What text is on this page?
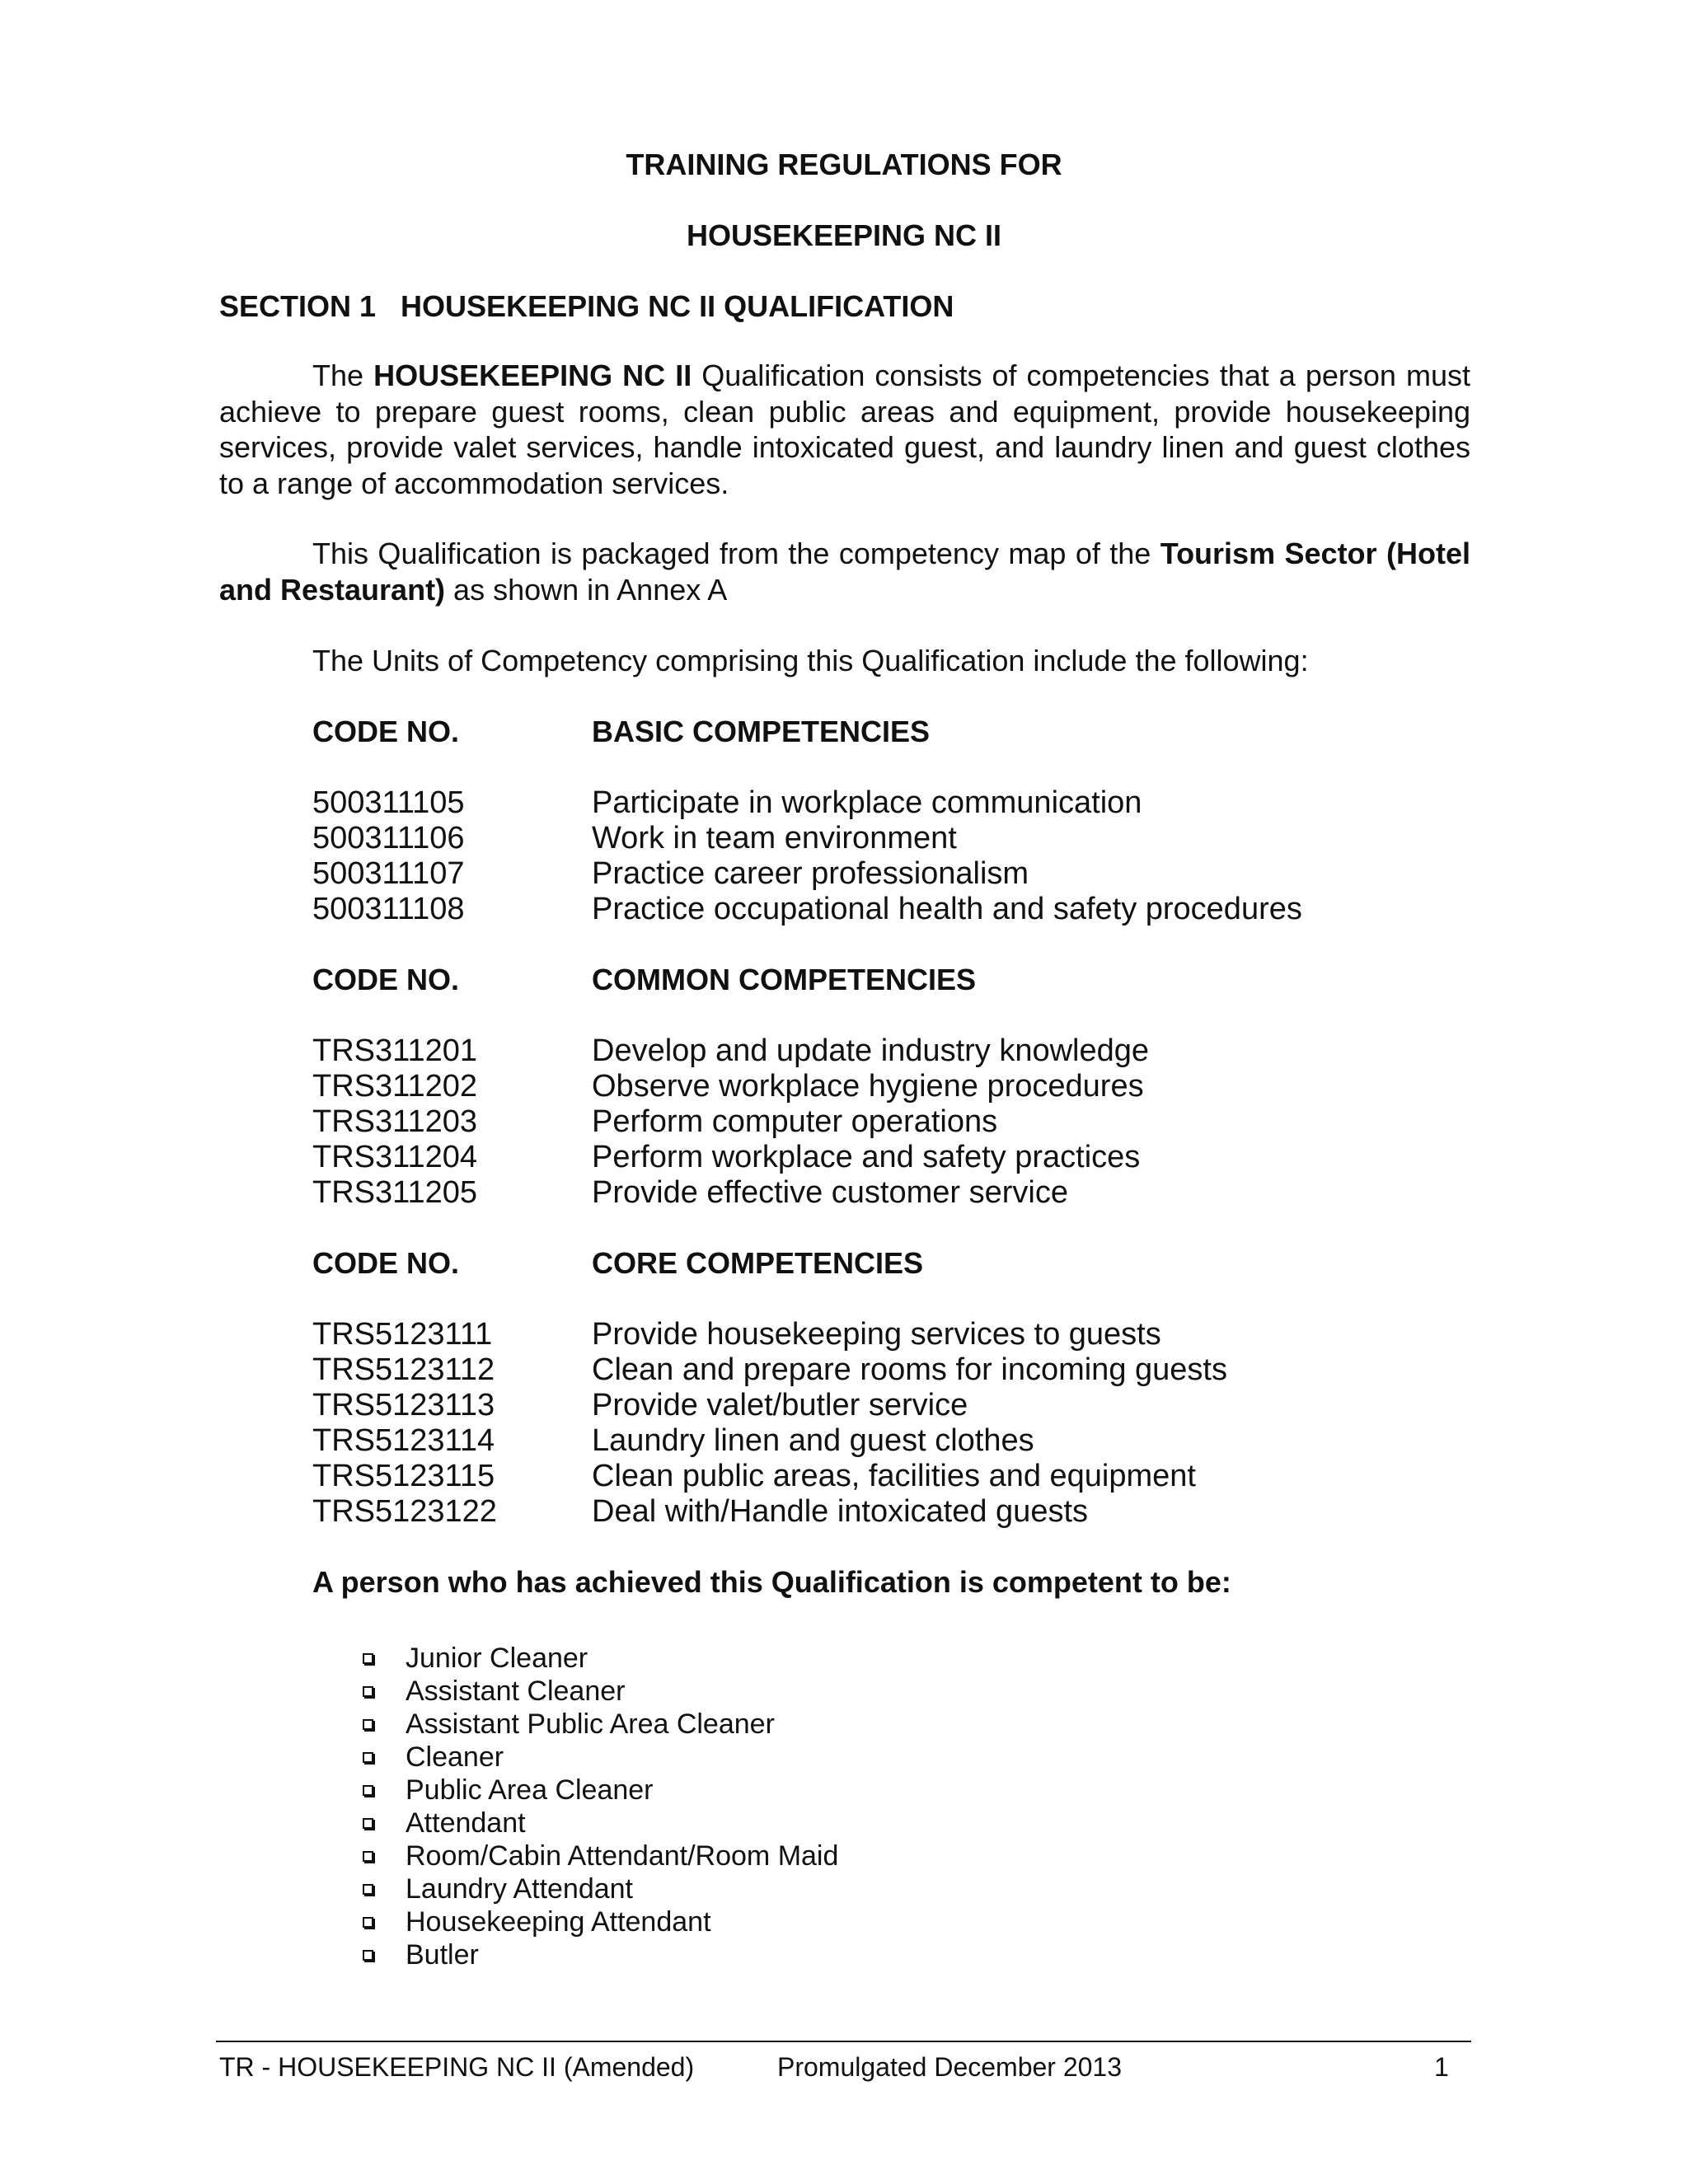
TRAINING REGULATIONS FOR
HOUSEKEEPING NC II
SECTION 1   HOUSEKEEPING NC II QUALIFICATION
The HOUSEKEEPING NC II Qualification consists of competencies that a person must achieve to prepare guest rooms, clean public areas and equipment, provide housekeeping services, provide valet services, handle intoxicated guest, and laundry linen and guest clothes to a range of accommodation services.
This Qualification is packaged from the competency map of the Tourism Sector (Hotel and Restaurant) as shown in Annex A
The Units of Competency comprising this Qualification include the following:
CODE NO.	BASIC COMPETENCIES
500311105	Participate in workplace communication
500311106	Work in team environment
500311107	Practice career professionalism
500311108	Practice occupational health and safety procedures
CODE NO.	COMMON COMPETENCIES
TRS311201	Develop and update industry knowledge
TRS311202	Observe workplace hygiene procedures
TRS311203	Perform computer operations
TRS311204	Perform workplace and safety practices
TRS311205	Provide effective customer service
CODE NO.	CORE COMPETENCIES
TRS5123111	Provide housekeeping services to guests
TRS5123112	Clean and prepare rooms for incoming guests
TRS5123113	Provide valet/butler service
TRS5123114	Laundry linen and guest clothes
TRS5123115	Clean public areas, facilities and equipment
TRS5123122	Deal with/Handle intoxicated guests
A person who has achieved this Qualification is competent to be:
Junior Cleaner
Assistant Cleaner
Assistant Public Area Cleaner
Cleaner
Public Area Cleaner
Attendant
Room/Cabin Attendant/Room Maid
Laundry Attendant
Housekeeping Attendant
Butler
TR - HOUSEKEEPING NC II (Amended)	Promulgated December 2013	1
